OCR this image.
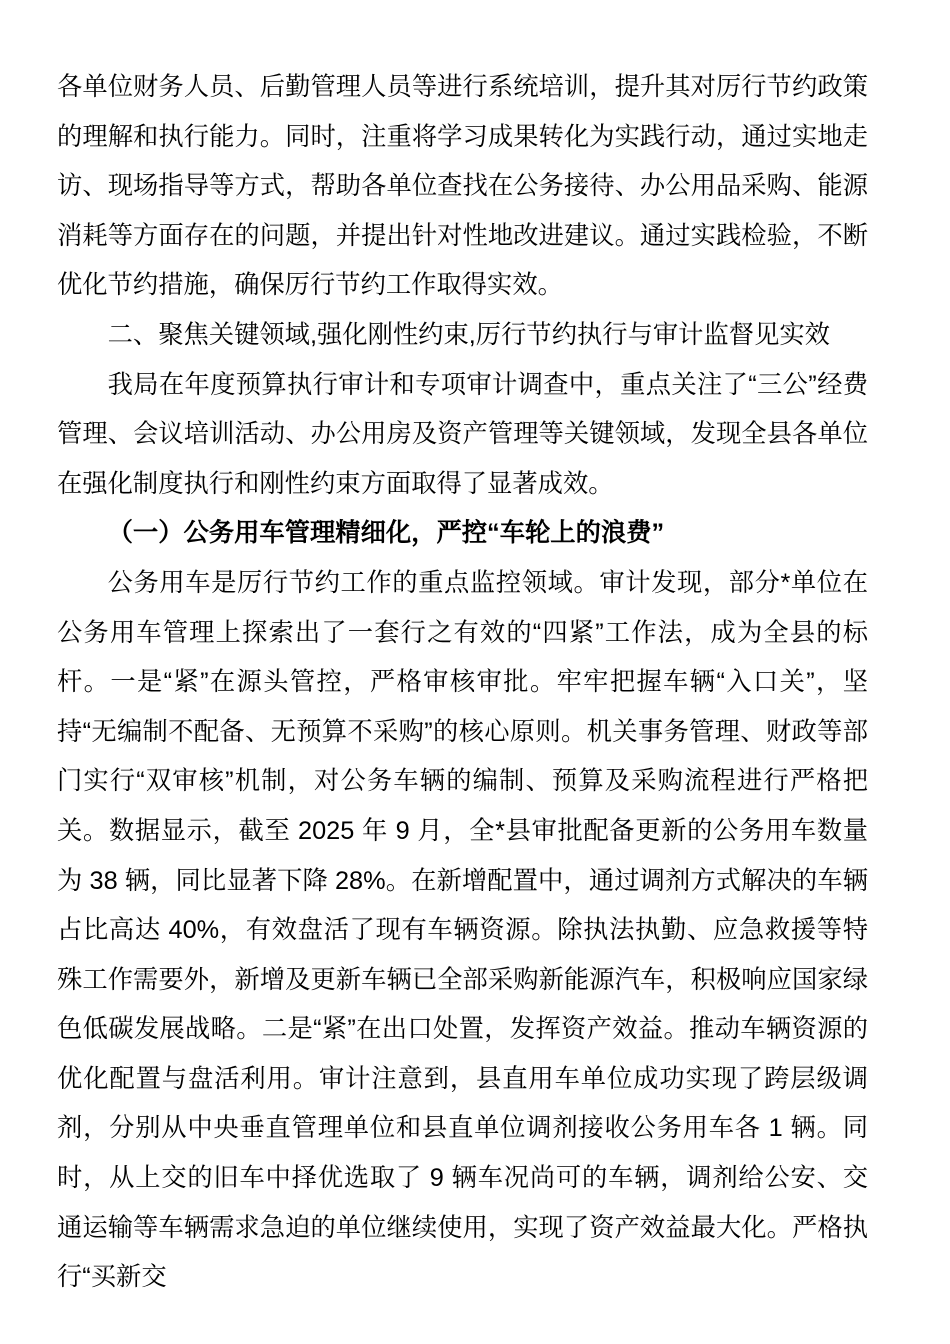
各单位财务人员、后勤管理人员等进行系统培训，提升其对厉行节约政策的理解和执行能力。同时，注重将学习成果转化为实践行动，通过实地走访、现场指导等方式，帮助各单位查找在公务接待、办公用品采购、能源消耗等方面存在的问题，并提出针对性地改进建议。通过实践检验，不断优化节约措施，确保厉行节约工作取得实效。

二、聚焦关键领域,强化刚性约束,厉行节约执行与审计监督见实效

我局在年度预算执行审计和专项审计调查中，重点关注了“三公”经费管理、会议培训活动、办公用房及资产管理等关键领域，发现全县各单位在强化制度执行和刚性约束方面取得了显著成效。

（一）公务用车管理精细化，严控“车轮上的浪费”

公务用车是厉行节约工作的重点监控领域。审计发现，部分*单位在公务用车管理上探索出了一套行之有效的“四紧”工作法，成为全县的标杆。一是“紧”在源头管控，严格审核审批。牢牢把握车辆“入口关”，坚持“无编制不配备、无预算不采购”的核心原则。机关事务管理、财政等部门实行“双审核”机制，对公务车辆的编制、预算及采购流程进行严格把关。数据显示，截至 2025 年 9 月，全*县审批配备更新的公务用车数量为 38 辆，同比显著下降 28%。在新增配置中，通过调剂方式解决的车辆占比高达 40%，有效盘活了现有车辆资源。除执法执勤、应急救援等特殊工作需要外，新增及更新车辆已全部采购新能源汽车，积极响应国家绿色低碳发展战略。二是“紧”在出口处置，发挥资产效益。推动车辆资源的优化配置与盘活利用。审计注意到，县直用车单位成功实现了跨层级调剂，分别从中央垂直管理单位和县直单位调剂接收公务用车各 1 辆。同时，从上交的旧车中择优选取了 9 辆车况尚可的车辆，调剂给公安、交通运输等车辆需求急迫的单位继续使用，实现了资产效益最大化。严格执行“买新交
